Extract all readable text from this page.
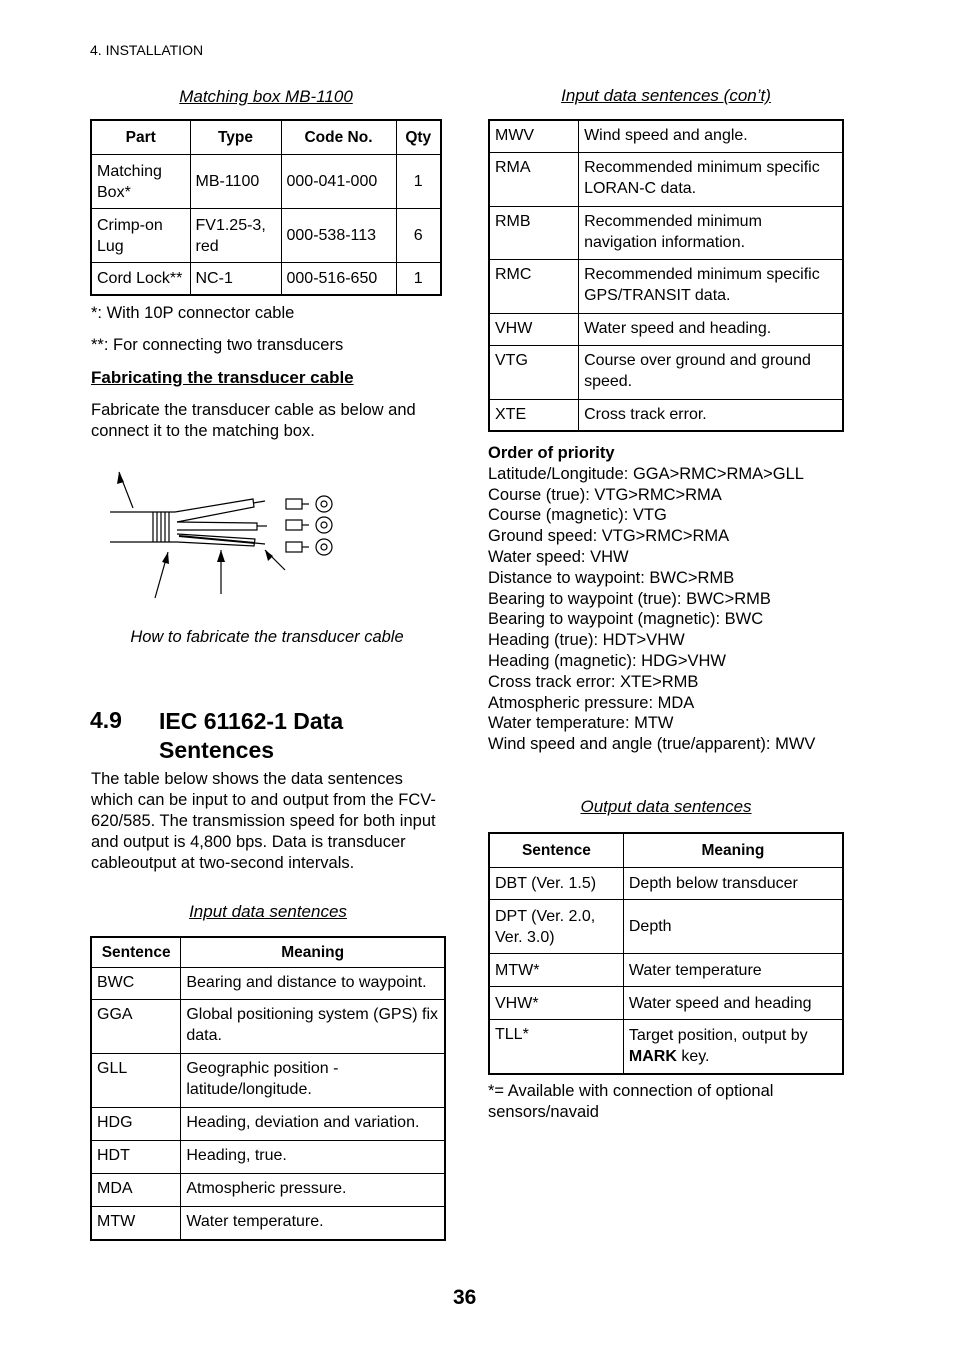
4. INSTALLATION
Matching box MB-1100
Part	Type	Code No.	Qty
Matching Box*	MB-1100	000-041-000	1
Crimp-on Lug	FV1.25-3, red	000-538-113	6
Cord Lock**	NC-1	000-516-650	1
*: With 10P connector cable
**: For connecting two transducers
Fabricating the transducer cable
Fabricate the transducer cable as below and connect it to the matching box.
How to fabricate the transducer cable
4.9 IEC 61162-1 Data
Sentences
The table below shows the data sentences which can be input to and output from the FCV-620/585. The transmission speed for both input and output is 4,800 bps. Data is transducer cableoutput at two-second intervals.
Input data sentences
Sentence	Meaning
BWC	Bearing and distance to waypoint.
GGA	Global positioning system (GPS) fix data.
GLL	Geographic position - latitude/longitude.
HDG	Heading, deviation and variation.
HDT	Heading, true.
MDA	Atmospheric pressure.
MTW	Water temperature.
Input data sentences (con’t)
MWV	Wind speed and angle.
RMA	Recommended minimum specific LORAN-C data.
RMB	Recommended minimum navigation information.
RMC	Recommended minimum specific GPS/TRANSIT data.
VHW	Water speed and heading.
VTG	Course over ground and ground speed.
XTE	Cross track error.
Order of priority
Latitude/Longitude: GGA>RMC>RMA>GLL
Course (true): VTG>RMC>RMA
Course (magnetic): VTG
Ground speed: VTG>RMC>RMA
Water speed: VHW
Distance to waypoint: BWC>RMB
Bearing to waypoint (true): BWC>RMB
Bearing to waypoint (magnetic): BWC
Heading (true): HDT>VHW
Heading (magnetic): HDG>VHW
Cross track error: XTE>RMB
Atmospheric pressure: MDA
Water temperature: MTW
Wind speed and angle (true/apparent): MWV
Output data sentences
Sentence	Meaning
DBT (Ver. 1.5)	Depth below transducer
DPT (Ver. 2.0, Ver. 3.0)	Depth
MTW*	Water temperature
VHW*	Water speed and heading
TLL*	Target position, output by
MARK key.
*= Available with connection of optional sensors/navaid
36
